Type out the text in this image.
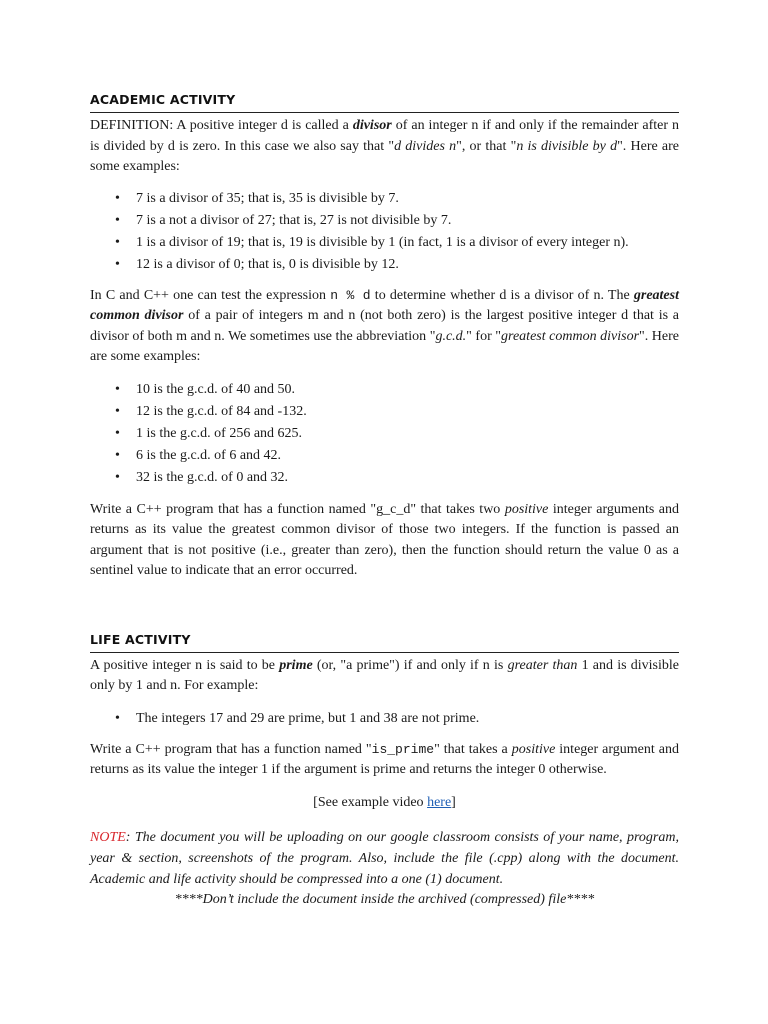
ACADEMIC ACTIVITY

DEFINITION: A positive integer d is called a divisor of an integer n if and only if the remainder after n is divided by d is zero. In this case we also say that "d divides n", or that "n is divisible by d". Here are some examples:

• 7 is a divisor of 35; that is, 35 is divisible by 7.
• 7 is a not a divisor of 27; that is, 27 is not divisible by 7.
• 1 is a divisor of 19; that is, 19 is divisible by 1 (in fact, 1 is a divisor of every integer n).
• 12 is a divisor of 0; that is, 0 is divisible by 12.

In C and C++ one can test the expression n % d to determine whether d is a divisor of n. The greatest common divisor of a pair of integers m and n (not both zero) is the largest positive integer d that is a divisor of both m and n. We sometimes use the abbreviation "g.c.d." for "greatest common divisor". Here are some examples:

• 10 is the g.c.d. of 40 and 50.
• 12 is the g.c.d. of 84 and -132.
• 1 is the g.c.d. of 256 and 625.
• 6 is the g.c.d. of 6 and 42.
• 32 is the g.c.d. of 0 and 32.

Write a C++ program that has a function named "g_c_d" that takes two positive integer arguments and returns as its value the greatest common divisor of those two integers. If the function is passed an argument that is not positive (i.e., greater than zero), then the function should return the value 0 as a sentinel value to indicate that an error occurred.

LIFE ACTIVITY

A positive integer n is said to be prime (or, "a prime") if and only if n is greater than 1 and is divisible only by 1 and n. For example:

• The integers 17 and 29 are prime, but 1 and 38 are not prime.

Write a C++ program that has a function named "is_prime" that takes a positive integer argument and returns as its value the integer 1 if the argument is prime and returns the integer 0 otherwise.

[See example video here]

NOTE: The document you will be uploading on our google classroom consists of your name, program, year & section, screenshots of the program. Also, include the file (.cpp) along with the document. Academic and life activity should be compressed into a one (1) document.

****Don’t include the document inside the archived (compressed) file****
